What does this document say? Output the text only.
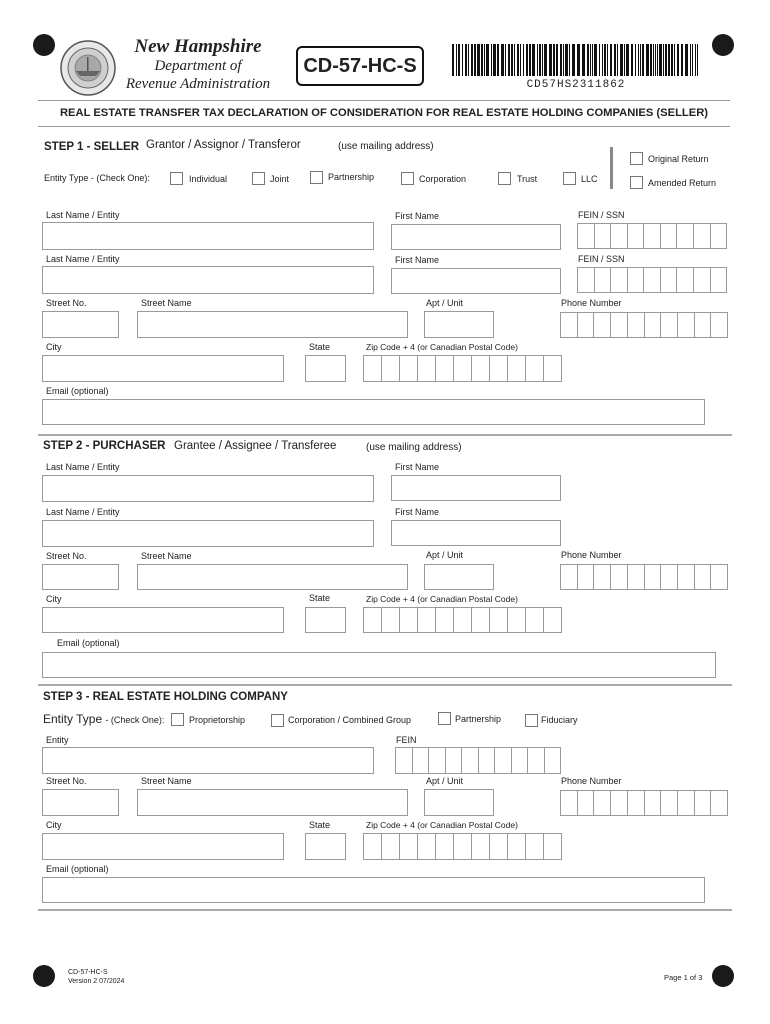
New Hampshire
Department of
Revenue Administration
CD-57-HC-S
CD57HS2311862
REAL ESTATE TRANSFER TAX DECLARATION OF CONSIDERATION FOR REAL ESTATE HOLDING COMPANIES (SELLER)
STEP 1 - SELLER Grantor / Assignor / Transferor	(use mailing address)
Original Return
Amended Return
Entity Type - (Check One):	Individual	Joint	Partnership	Corporation	Trust	LLC
Last Name / Entity	First Name	FEIN / SSN
Last Name / Entity	First Name	FEIN / SSN
Street No.	Street Name	Apt / Unit	Phone Number
City	State	Zip Code + 4 (or Canadian Postal Code)
Email (optional)
STEP 2 - PURCHASER Grantee / Assignee / Transferee	(use mailing address)
Last Name / Entity	First Name
Last Name / Entity	First Name
Street No.	Street Name	Apt / Unit	Phone Number
City	State	Zip Code + 4 (or Canadian Postal Code)
Email (optional)
STEP 3 - REAL ESTATE HOLDING COMPANY
Entity Type - (Check One):	Proprietorship	Corporation / Combined Group	Partnership	Fiduciary
Entity	FEIN
Street No.	Street Name	Apt / Unit	Phone Number
City	State	Zip Code + 4 (or Canadian Postal Code)
Email (optional)
CD-57-HC-S
Version 2 07/2024	Page 1 of 3
